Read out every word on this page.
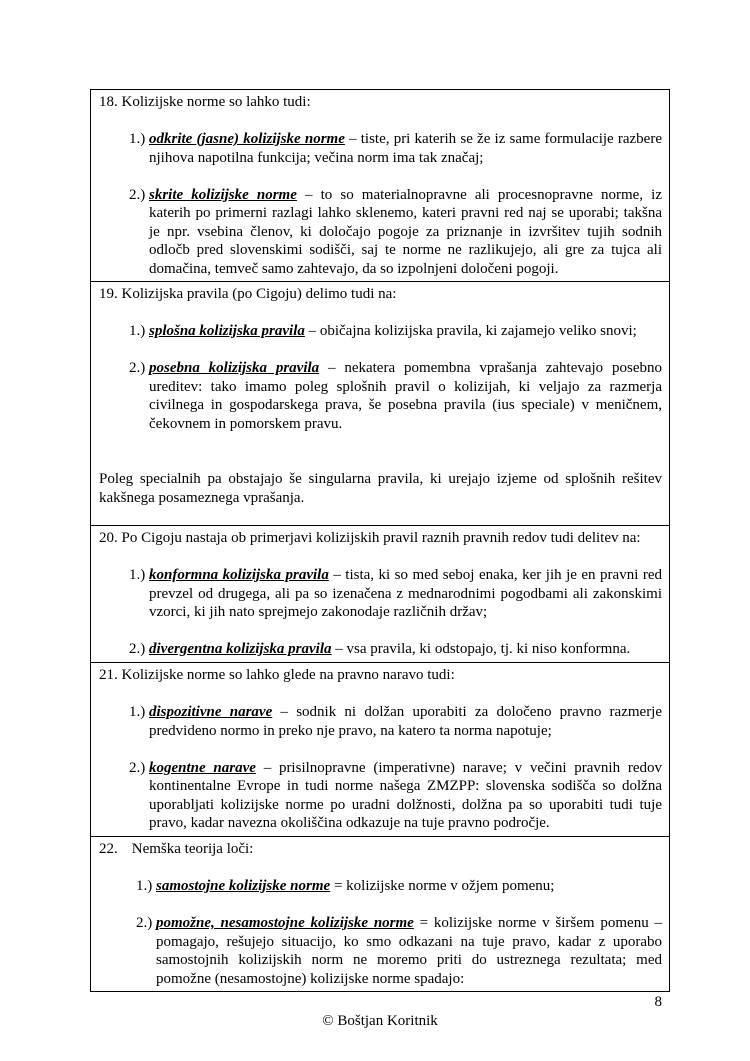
18. Kolizijske norme so lahko tudi:

1.) odkrite (jasne) kolizijske norme – tiste, pri katerih se že iz same formulacije razbere njihova napotilna funkcija; večina norm ima tak značaj;
2.) skrite kolizijske norme – to so materialnopravne ali procesnopravne norme, iz katerih po primerni razlagi lahko sklenemo, kateri pravni red naj se uporabi; takšna je npr. vsebina členov, ki določajo pogoje za priznanje in izvršitev tujih sodnih odločb pred slovenskimi sodišči, saj te norme ne razlikujejo, ali gre za tujca ali domačina, temveč samo zahtevajo, da so izpolnjeni določeni pogoji.

19. Kolizijska pravila (po Cigoju) delimo tudi na:

1.) splošna kolizijska pravila – običajna kolizijska pravila, ki zajamejo veliko snovi;
2.) posebna kolizijska pravila – nekatera pomembna vprašanja zahtevajo posebno ureditev: tako imamo poleg splošnih pravil o kolizijah, ki veljajo za razmerja civilnega in gospodarskega prava, še posebna pravila (ius speciale) v meničnem, čekovnem in pomorskem pravu.

Poleg specialnih pa obstajajo še singularna pravila, ki urejajo izjeme od splošnih rešitev kakšnega posameznega vprašanja.

20. Po Cigoju nastaja ob primerjavi kolizijskih pravil raznih pravnih redov tudi delitev na:

1.) konformna kolizijska pravila – tista, ki so med seboj enaka, ker jih je en pravni red prevzel od drugega, ali pa so izenačena z mednarodnimi pogodbami ali zakonskimi vzorci, ki jih nato sprejmejo zakonodaje različnih držav;
2.) divergentna kolizijska pravila – vsa pravila, ki odstopajo, tj. ki niso konformna.

21. Kolizijske norme so lahko glede na pravno naravo tudi:

1.) dispozitivne narave – sodnik ni dolžan uporabiti za določeno pravno razmerje predvideno normo in preko nje pravo, na katero ta norma napotuje;
2.) kogentne narave – prisilnopravne (imperativne) narave; v večini pravnih redov kontinentalne Evrope in tudi norme našega ZMZPP: slovenska sodišča so dolžna uporabljati kolizijske norme po uradni dolžnosti, dolžna pa so uporabiti tudi tuje pravo, kadar navezna okoliščina odkazuje na tuje pravno področje.

22. Nemška teorija loči:

1.) samostojne kolizijske norme = kolizijske norme v ožjem pomenu;
2.) pomožne, nesamostojne kolizijske norme = kolizijske norme v širšem pomenu – pomagajo, rešujejo situacijo, ko smo odkazani na tuje pravo, kadar z uporabo samostojnih kolizijskih norm ne moremo priti do ustreznega rezultata; med pomožne (nesamostojne) kolizijske norme spadajo:
8
© Boštjan Koritnik
